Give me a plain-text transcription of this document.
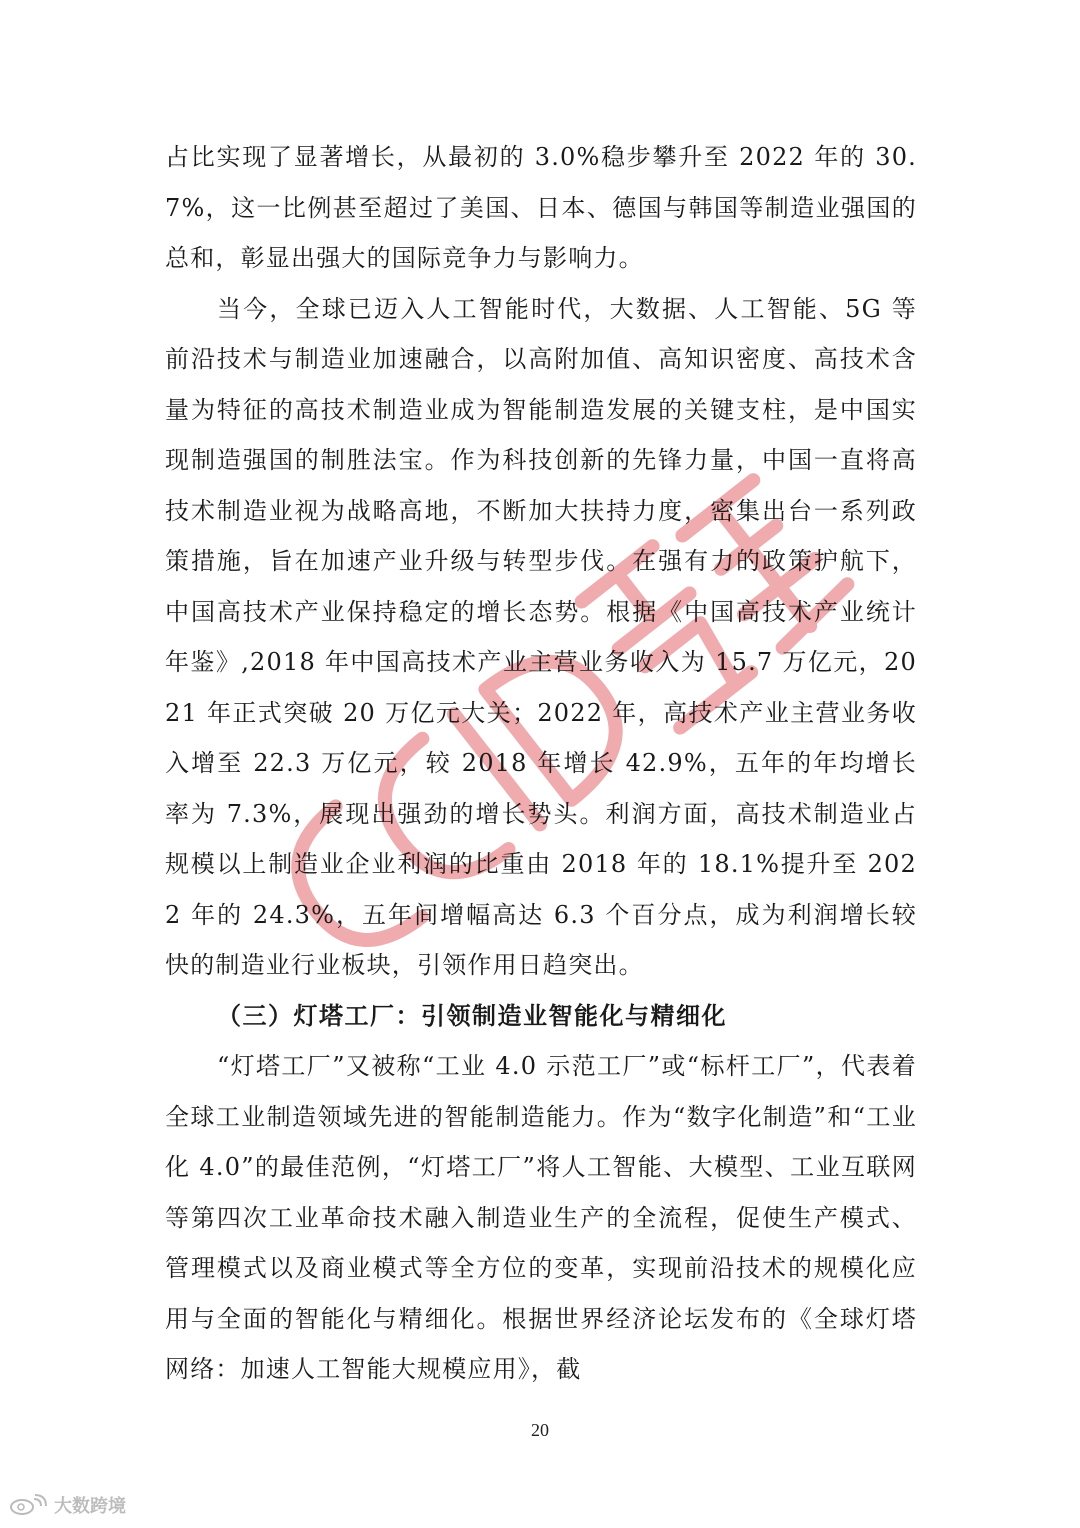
占比实现了显著增长，从最初的 3.0%稳步攀升至 2022 年的 30.7%，这一比例甚至超过了美国、日本、德国与韩国等制造业强国的总和，彰显出强大的国际竞争力与影响力。

当今，全球已迈入人工智能时代，大数据、人工智能、5G 等前沿技术与制造业加速融合，以高附加值、高知识密度、高技术含量为特征的高技术制造业成为智能制造发展的关键支柱，是中国实现制造强国的制胜法宝。作为科技创新的先锋力量，中国一直将高技术制造业视为战略高地，不断加大扶持力度，密集出台一系列政策措施，旨在加速产业升级与转型步伐。在强有力的政策护航下，中国高技术产业保持稳定的增长态势。根据《中国高技术产业统计年鉴》,2018 年中国高技术产业主营业务收入为 15.7 万亿元，2021 年正式突破 20 万亿元大关；2022 年，高技术产业主营业务收入增至 22.3 万亿元，较 2018 年增长 42.9%，五年的年均增长率为 7.3%，展现出强劲的增长势头。利润方面，高技术制造业占规模以上制造业企业利润的比重由 2018 年的 18.1%提升至 2022 年的 24.3%，五年间增幅高达 6.3 个百分点，成为利润增长较快的制造业行业板块，引领作用日趋突出。

（三）灯塔工厂：引领制造业智能化与精细化

“灯塔工厂”又被称“工业 4.0 示范工厂”或“标杆工厂”，代表着全球工业制造领域先进的智能制造能力。作为“数字化制造”和“工业化 4.0”的最佳范例，“灯塔工厂”将人工智能、大模型、工业互联网等第四次工业革命技术融入制造业生产的全流程，促使生产模式、管理模式以及商业模式等全方位的变革，实现前沿技术的规模化应用与全面的智能化与精细化。根据世界经济论坛发布的《全球灯塔网络：加速人工智能大规模应用》，截

20
大数跨境
